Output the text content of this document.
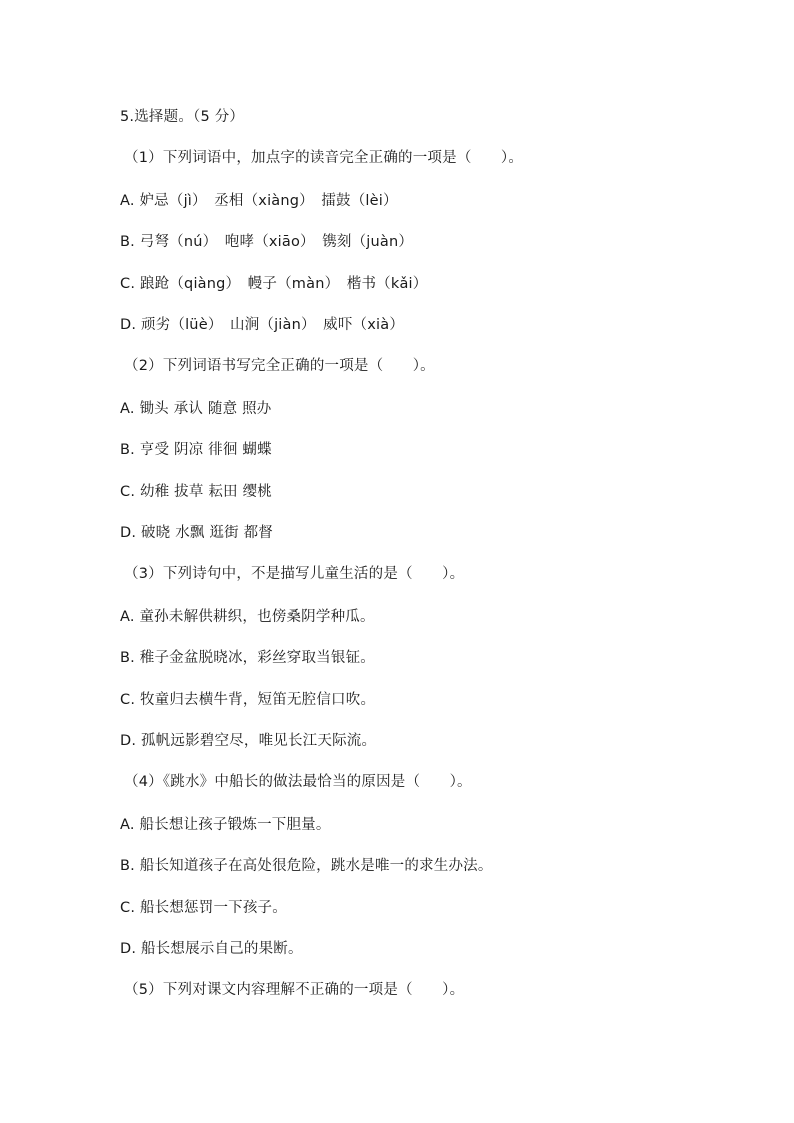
5.选择题。（5 分）
（1）下列词语中，加点字的读音完全正确的一项是（　　）。
A. 妒忌（jì）　丞相（xiàng）　擂鼓（lèi）
B. 弓弩（nú）　咆哮（xiāo）　镌刻（juàn）
C. 踉跄（qiàng）　幔子（màn）　楷书（kǎi）
D. 顽劣（lüè）　山涧（jiàn）　威吓（xià）
（2）下列词语书写完全正确的一项是（　　）。
A. 锄头 承认 随意 照办
B. 亨受 阴凉 徘徊 蝴蝶
C. 幼稚 拔草 耘田 缨桃
D. 破晓 水飘 逛街 都督
（3）下列诗句中，不是描写儿童生活的是（　　）。
A. 童孙未解供耕织，也傍桑阴学种瓜。
B. 稚子金盆脱晓冰，彩丝穿取当银钲。
C. 牧童归去横牛背，短笛无腔信口吹。
D. 孤帆远影碧空尽，唯见长江天际流。
（4）《跳水》中船长的做法最恰当的原因是（　　）。
A. 船长想让孩子锻炼一下胆量。
B. 船长知道孩子在高处很危险，跳水是唯一的求生办法。
C. 船长想惩罚一下孩子。
D. 船长想展示自己的果断。
（5）下列对课文内容理解不正确的一项是（　　）。
